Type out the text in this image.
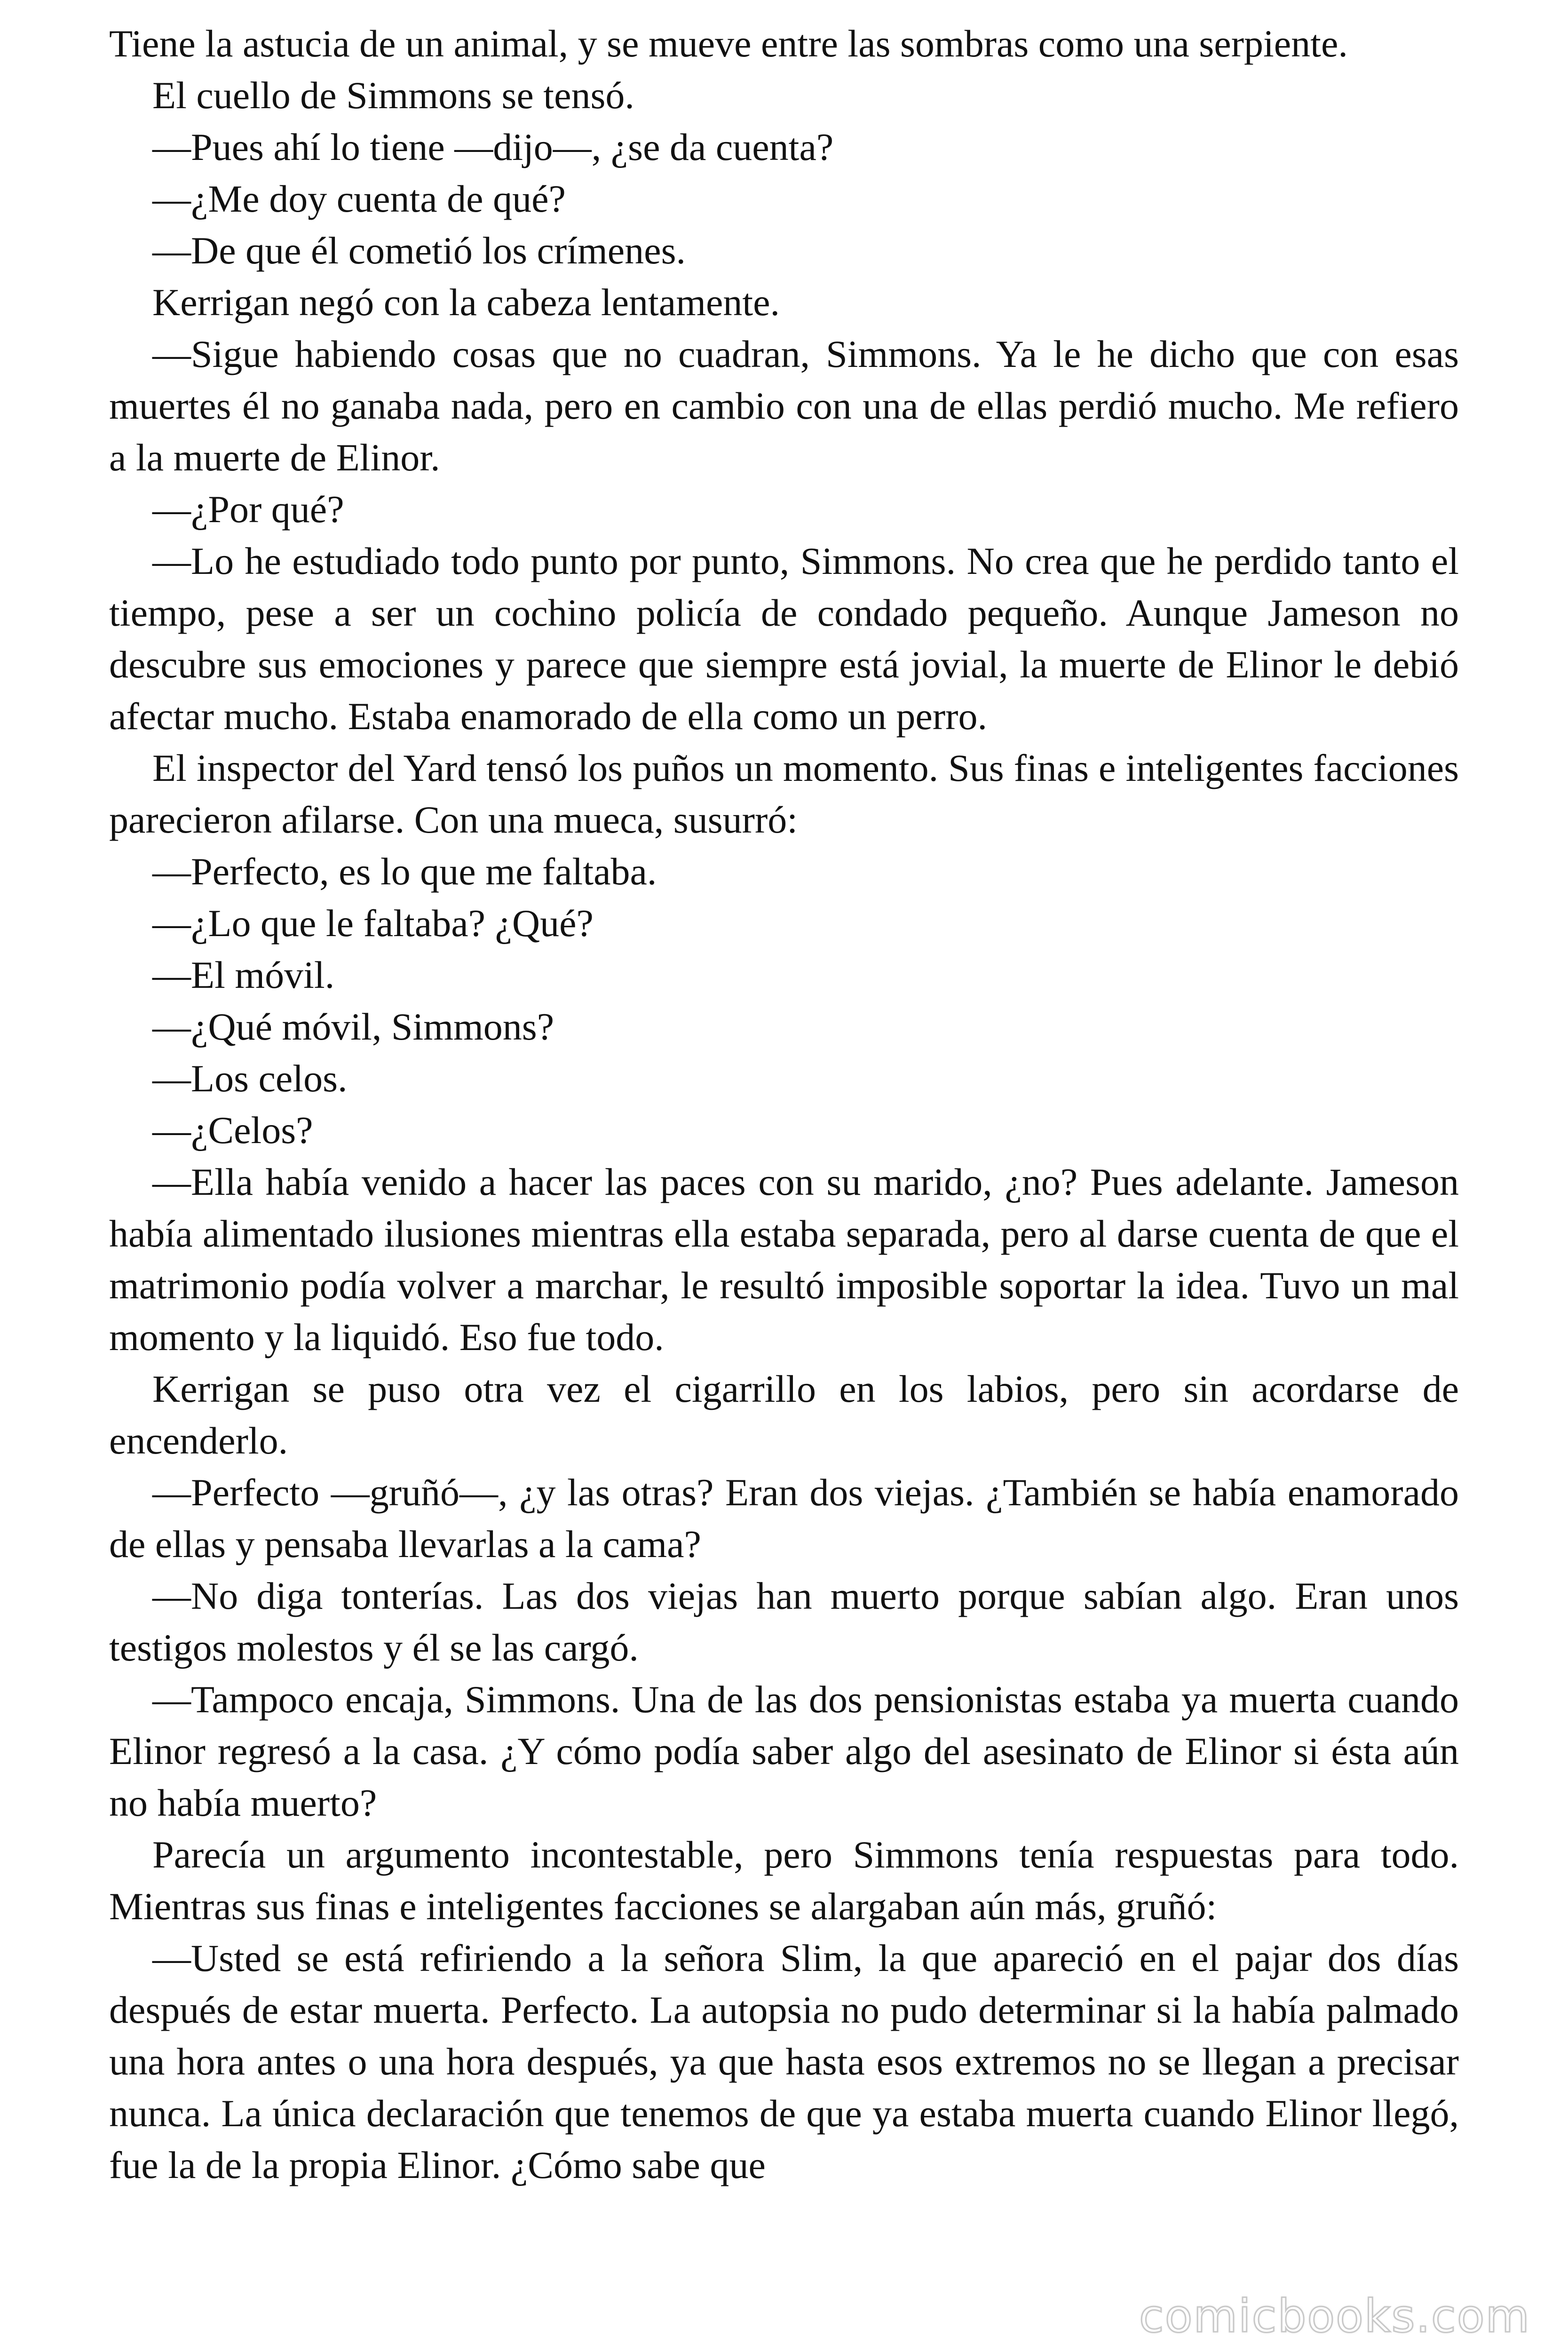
Tiene la astucia de un animal, y se mueve entre las sombras como una serpiente.

El cuello de Simmons se tensó.

—Pues ahí lo tiene —dijo—, ¿se da cuenta?

—¿Me doy cuenta de qué?

—De que él cometió los crímenes.

Kerrigan negó con la cabeza lentamente.

—Sigue habiendo cosas que no cuadran, Simmons. Ya le he dicho que con esas muertes él no ganaba nada, pero en cambio con una de ellas perdió mucho. Me refiero a la muerte de Elinor.

—¿Por qué?

—Lo he estudiado todo punto por punto, Simmons. No crea que he perdido tanto el tiempo, pese a ser un cochino policía de condado pequeño. Aunque Jameson no descubre sus emociones y parece que siempre está jovial, la muerte de Elinor le debió afectar mucho. Estaba enamorado de ella como un perro.

El inspector del Yard tensó los puños un momento. Sus finas e inteligentes facciones parecieron afilarse. Con una mueca, susurró:

—Perfecto, es lo que me faltaba.

—¿Lo que le faltaba? ¿Qué?

—El móvil.

—¿Qué móvil, Simmons?

—Los celos.

—¿Celos?

—Ella había venido a hacer las paces con su marido, ¿no? Pues adelante. Jameson había alimentado ilusiones mientras ella estaba separada, pero al darse cuenta de que el matrimonio podía volver a marchar, le resultó imposible soportar la idea. Tuvo un mal momento y la liquidó. Eso fue todo.

Kerrigan se puso otra vez el cigarrillo en los labios, pero sin acordarse de encenderlo.

—Perfecto —gruñó—, ¿y las otras? Eran dos viejas. ¿También se había enamorado de ellas y pensaba llevarlas a la cama?

—No diga tonterías. Las dos viejas han muerto porque sabían algo. Eran unos testigos molestos y él se las cargó.

—Tampoco encaja, Simmons. Una de las dos pensionistas estaba ya muerta cuando Elinor regresó a la casa. ¿Y cómo podía saber algo del asesinato de Elinor si ésta aún no había muerto?

Parecía un argumento incontestable, pero Simmons tenía respuestas para todo. Mientras sus finas e inteligentes facciones se alargaban aún más, gruñó:

—Usted se está refiriendo a la señora Slim, la que apareció en el pajar dos días después de estar muerta. Perfecto. La autopsia no pudo determinar si la había palmado una hora antes o una hora después, ya que hasta esos extremos no se llegan a precisar nunca. La única declaración que tenemos de que ya estaba muerta cuando Elinor llegó, fue la de la propia Elinor. ¿Cómo sabe que

comicbooks.com
